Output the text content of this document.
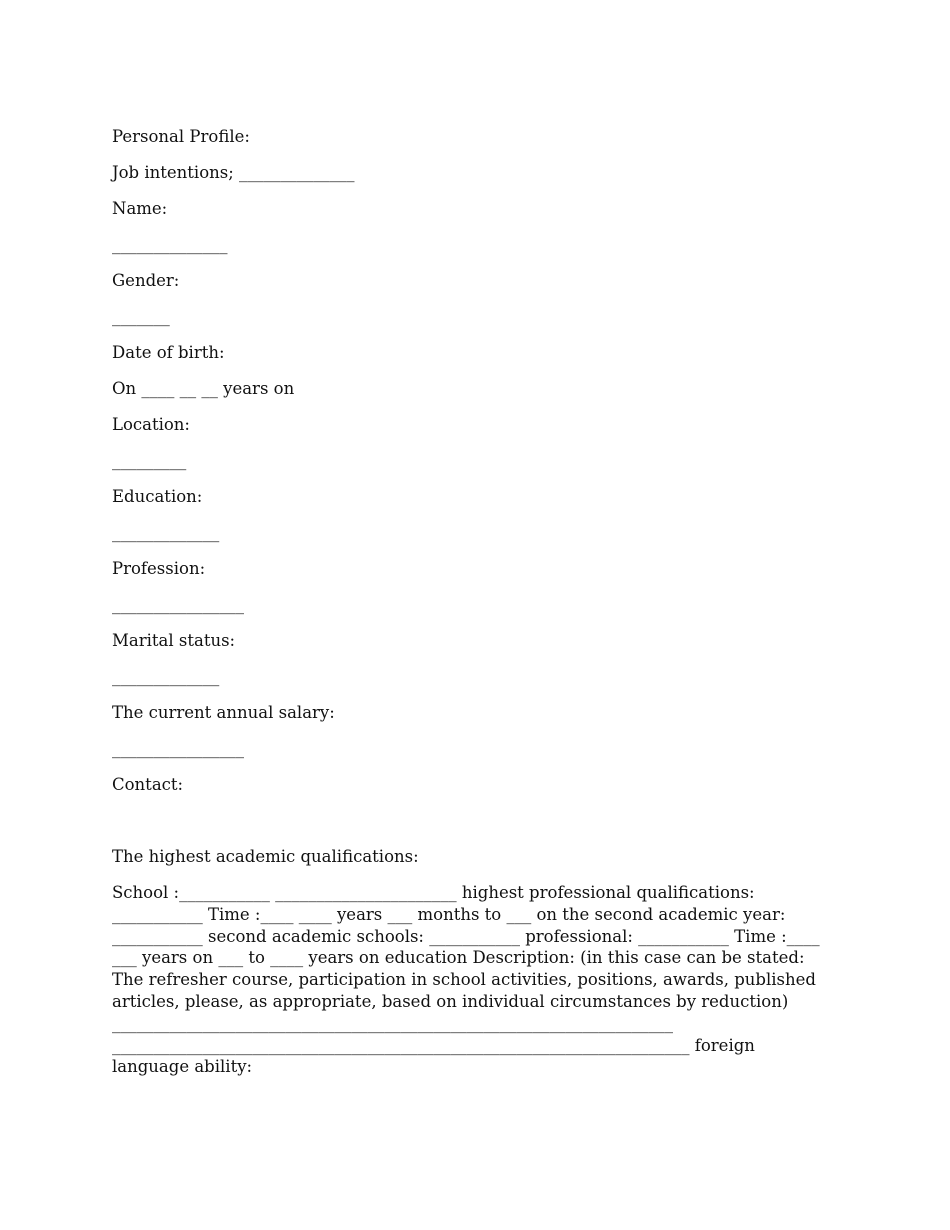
Personal Profile:
Job intentions; ______________
Name:
______________
Gender:
_______
Date of birth:
On ____ __ __ years on
Location:
_________
Education:
_____________
Profession:
________________
Marital status:
_____________
The current annual salary:
________________
Contact:
The highest academic qualifications:
School :___________ ______________________ highest professional qualifications: ___________ Time :____ ____ years ___ months to ___ on the second academic year: ___________ second academic schools: ___________ professional: ___________ Time :____ ___ years on ___ to ____ years on education Description: (in this case can be stated: The refresher course, participation in school activities, positions, awards, published articles, please, as appropriate, based on individual circumstances by reduction) ____________________________________________________________________ ______________________________________________________________________ foreign language ability:
